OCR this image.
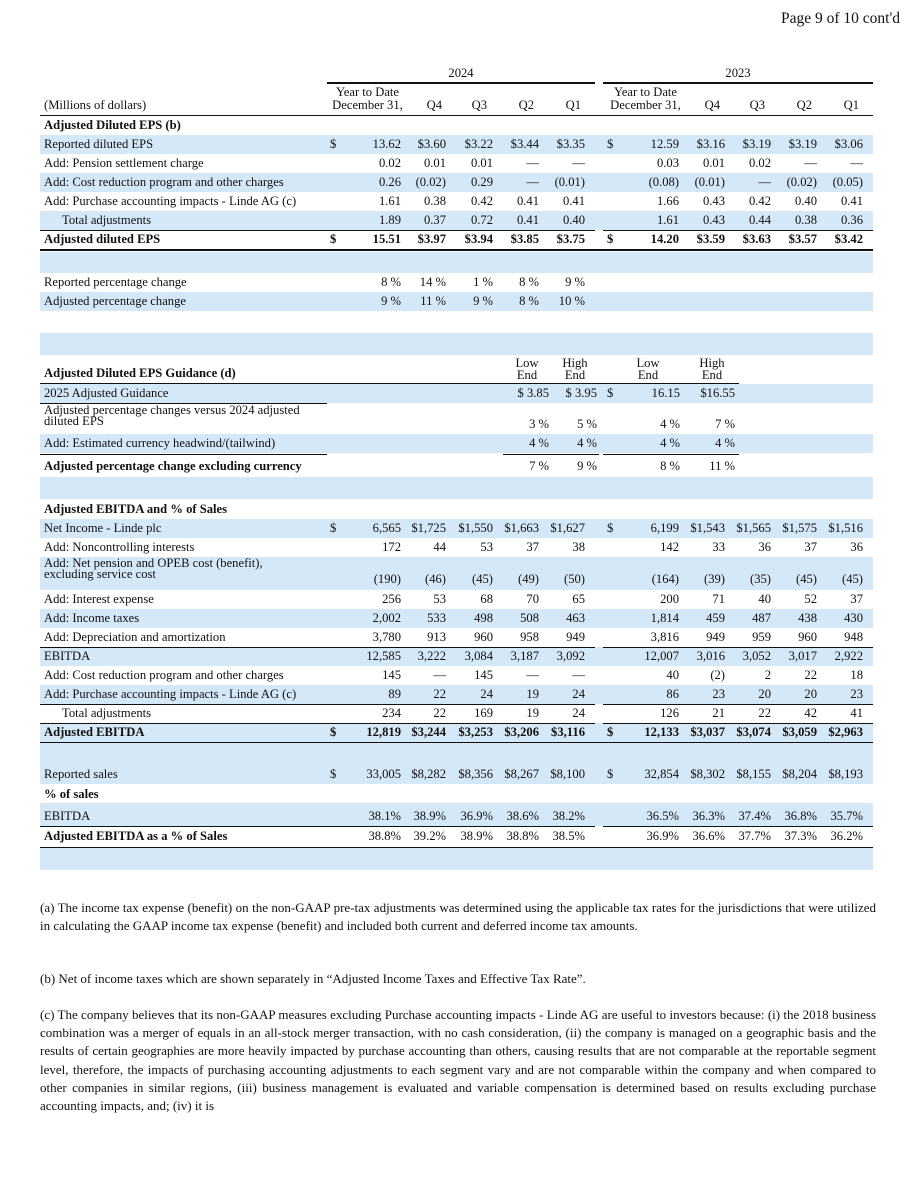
Page 9 of 10 cont'd
2024	2023
Year to Date
December 31,
Year to Date
December 31,
Q4	Q3	Q2	Q1	Q4	Q3	Q2	Q1
(Millions of dollars)
Adjusted Diluted EPS (b)
Reported diluted EPS	$	13.62	$3.60	$3.22	$3.44	$3.35 $	12.59	$3.16	$3.19	$3.19	$3.06
Add: Pension settlement charge	0.02	0.01	0.01	—	—	0.03	0.01	0.02	—	—
Add: Cost reduction program and other charges	0.26	(0.02)	0.29	—	(0.01)	(0.08)	(0.01)	—	(0.02)	(0.05)
Add: Purchase accounting impacts - Linde AG (c)	1.61	0.38	0.42	0.41	0.41	1.66	0.43	0.42	0.40	0.41
Total adjustments	1.89	0.37	0.72	0.41	0.40	1.61	0.43	0.44	0.38	0.36
Adjusted diluted EPS	$	15.51	$3.97	$3.94	$3.85	$3.75 $	14.20	$3.59	$3.63	$3.57	$3.42
Reported percentage change	8 %	14 %	1 %	8 %	9 %
Adjusted percentage change	9 %	11 %	9 %	8 %	10 %
Low
End
High
End
Low
End
High
End
Adjusted Diluted EPS Guidance (d)
2025 Adjusted Guidance	$ 3.85	$ 3.95 $	16.15	$16.55
Adjusted percentage changes versus 2024 adjusted
diluted EPS	3 %	5 %	4 %	7 %
Add: Estimated currency headwind/(tailwind)	4 %	4 %	4 %	4 %
Adjusted percentage change excluding currency	7 %	9 %	8 %	11 %
Adjusted EBITDA and % of Sales
Net Income - Linde plc	$	6,565 $1,725 $1,550 $1,663 $1,627 $	6,199 $1,543 $1,565 $1,575 $1,516
Add: Noncontrolling interests	172	44	53	37	38	142	33	36	37	36
Add: Net pension and OPEB cost (benefit),
excluding service cost	(190)	(46)	(45)	(49)	(50)	(164)	(39)	(35)	(45)	(45)
Add: Interest expense	256	53	68	70	65	200	71	40	52	37
Add: Income taxes	2,002	533	498	508	463	1,814	459	487	438	430
Add: Depreciation and amortization	3,780	913	960	958	949	3,816	949	959	960	948
EBITDA	12,585	3,222	3,084	3,187	3,092	12,007	3,016	3,052	3,017	2,922
Add: Cost reduction program and other charges	145	—	145	—	—	40	(2)	2	22	18
Add: Purchase accounting impacts - Linde AG (c)	89	22	24	19	24	86	23	20	20	23
Total adjustments	234	22	169	19	24	126	21	22	42	41
Adjusted EBITDA	$	12,819 $3,244 $3,253 $3,206 $3,116 $	12,133 $3,037 $3,074 $3,059 $2,963
Reported sales	$	33,005 $8,282 $8,356 $8,267 $8,100 $	32,854 $8,302 $8,155 $8,204 $8,193
% of sales
EBITDA	38.1% 38.9%	36.9%	38.6%	38.2%	36.5%	36.3%	37.4%	36.8%	35.7%
Adjusted EBITDA as a % of Sales	38.8% 39.2%	38.9%	38.8%	38.5%	36.9%	36.6%	37.7%	37.3%	36.2%

(a) The income tax expense (benefit) on the non-GAAP pre-tax adjustments was determined using the applicable tax rates for the jurisdictions that were utilized in calculating the GAAP income tax expense (benefit) and included both current and deferred income tax amounts.

(b) Net of income taxes which are shown separately in “Adjusted Income Taxes and Effective Tax Rate”.

(c) The company believes that its non-GAAP measures excluding Purchase accounting impacts - Linde AG are useful to investors because: (i) the 2018 business combination was a merger of equals in an all-stock merger transaction, with no cash consideration, (ii) the company is managed on a geographic basis and the results of certain geographies are more heavily impacted by purchase accounting than others, causing results that are not comparable at the reportable segment level, therefore, the impacts of purchasing accounting adjustments to each segment vary and are not comparable within the company and when compared to other companies in similar regions, (iii) business management is evaluated and variable compensation is determined based on results excluding purchase accounting impacts, and; (iv) it is
